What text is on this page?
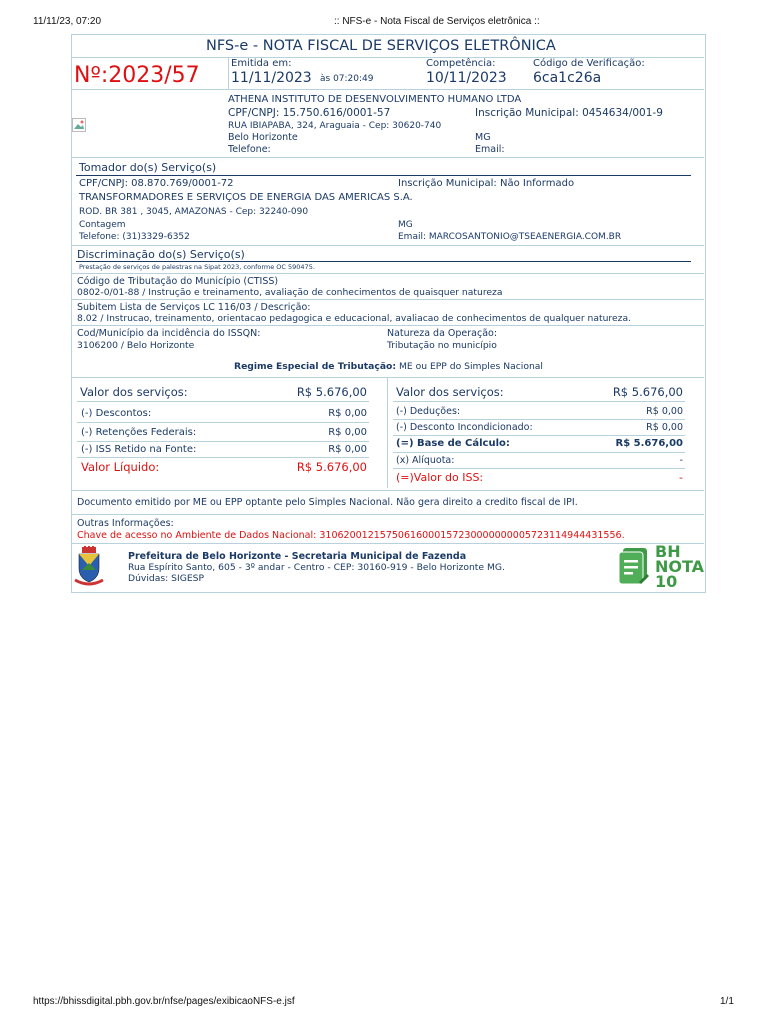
11/11/23, 07:20	:: NFS-e - Nota Fiscal de Serviços eletrônica ::
https://bhissdigital.pbh.gov.br/nfse/pages/exibicaoNFS-e.jsf	1/1
NFS-e - NOTA FISCAL DE SERVIÇOS ELETRÔNICA
Nº:2023/57	Emitida em:
11/11/2023 às 07:20:49
Competência:
10/11/2023
Código de Verificação:
6ca1c26a
ATHENA INSTITUTO DE DESENVOLVIMENTO HUMANO LTDA
CPF/CNPJ: 15.750.616/0001-57	Inscrição Municipal: 0454634/001-9
RUA IBIAPABA, 324, Araguaia - Cep: 30620-740
Belo Horizonte	MG
Telefone:	Email:
Tomador do(s) Serviço(s)
CPF/CNPJ: 08.870.769/0001-72	Inscrição Municipal: Não Informado
TRANSFORMADORES E SERVIÇOS DE ENERGIA DAS AMERICAS S.A.
ROD. BR 381 , 3045, AMAZONAS - Cep: 32240-090
Contagem	MG
Telefone: (31)3329-6352	Email: MARCOSANTONIO@TSEAENERGIA.COM.BR
Discriminação do(s) Serviço(s)
Prestação de serviços de palestras na Sipat 2023, conforme OC 590475.
Código de Tributação do Município (CTISS)
0802-0/01-88 / Instrução e treinamento, avaliação de conhecimentos de quaisquer natureza
Subitem Lista de Serviços LC 116/03 / Descrição:
8.02 / Instrucao, treinamento, orientacao pedagogica e educacional, avaliacao de conhecimentos de qualquer natureza.
Cod/Município da incidência do ISSQN:
3106200 / Belo Horizonte
Natureza da Operação:
Tributação no município
Regime Especial de Tributação: ME ou EPP do Simples Nacional
Valor dos serviços:	R$ 5.676,00
(-) Descontos:	R$ 0,00
(-) Retenções Federais:	R$ 0,00
(-) ISS Retido na Fonte:	R$ 0,00
Valor Líquido:	R$ 5.676,00
Valor dos serviços:	R$ 5.676,00
(-) Deduções:	R$ 0,00
(-) Desconto Incondicionado:	R$ 0,00
(=) Base de Cálculo:	R$ 5.676,00
(x) Alíquota:	-
(=)Valor do ISS:	-
Documento emitido por ME ou EPP optante pelo Simples Nacional. Não gera direito a credito fiscal de IPI.
Outras Informações:
Chave de acesso no Ambiente de Dados Nacional: 31062001215750616000157230000000005723114944431556.
Prefeitura de Belo Horizonte - Secretaria Municipal de Fazenda
Rua Espírito Santo, 605 - 3º andar - Centro - CEP: 30160-919 - Belo Horizonte MG.
Dúvidas: SIGESP
BH
NOTA
10
